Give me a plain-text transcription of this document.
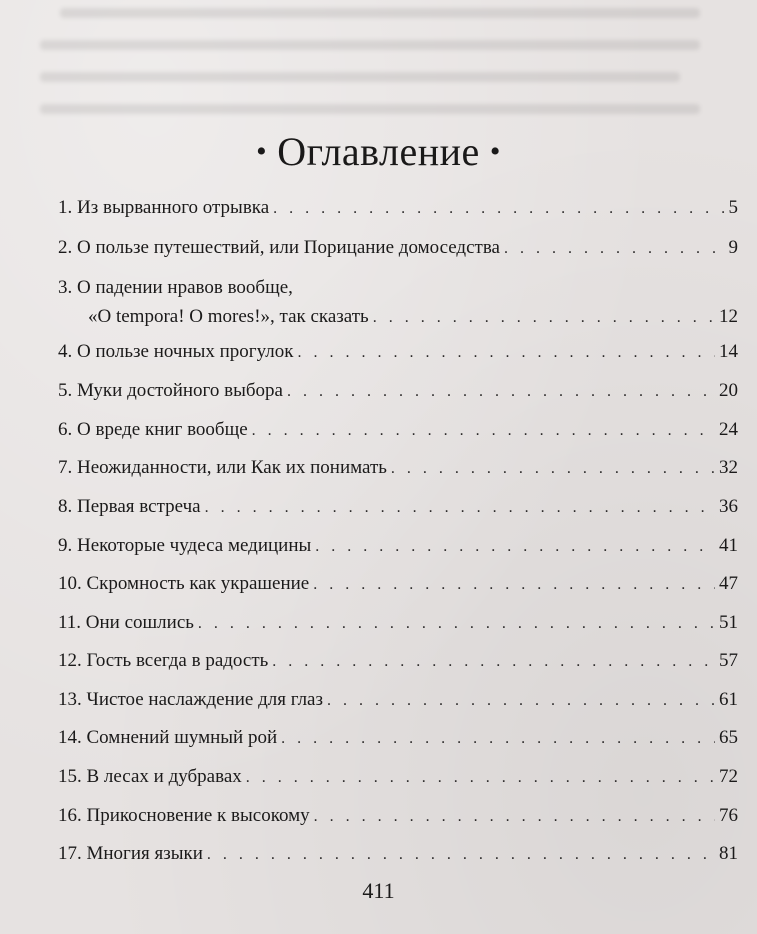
• Оглавление •
1. Из вырванного отрывка . . .	5
2. О пользе путешествий, или Порицание домоседства . . .	9
3. О падении нравов вообще,
«O tempora! O mores!», так сказать . . .	12
4. О пользе ночных прогулок . . .	14
5. Муки достойного выбора . . .	20
6. О вреде книг вообще . . .	24
7. Неожиданности, или Как их понимать . . .	32
8. Первая встреча . . .	36
9. Некоторые чудеса медицины . . .	41
10. Скромность как украшение . . .	47
11. Они сошлись . . .	51
12. Гость всегда в радость . . .	57
13. Чистое наслаждение для глаз . . .	61
14. Сомнений шумный рой . . .	65
15. В лесах и дубравах . . .	72
16. Прикосновение к высокому . . .	76
17. Многия языки . . .	81
411
